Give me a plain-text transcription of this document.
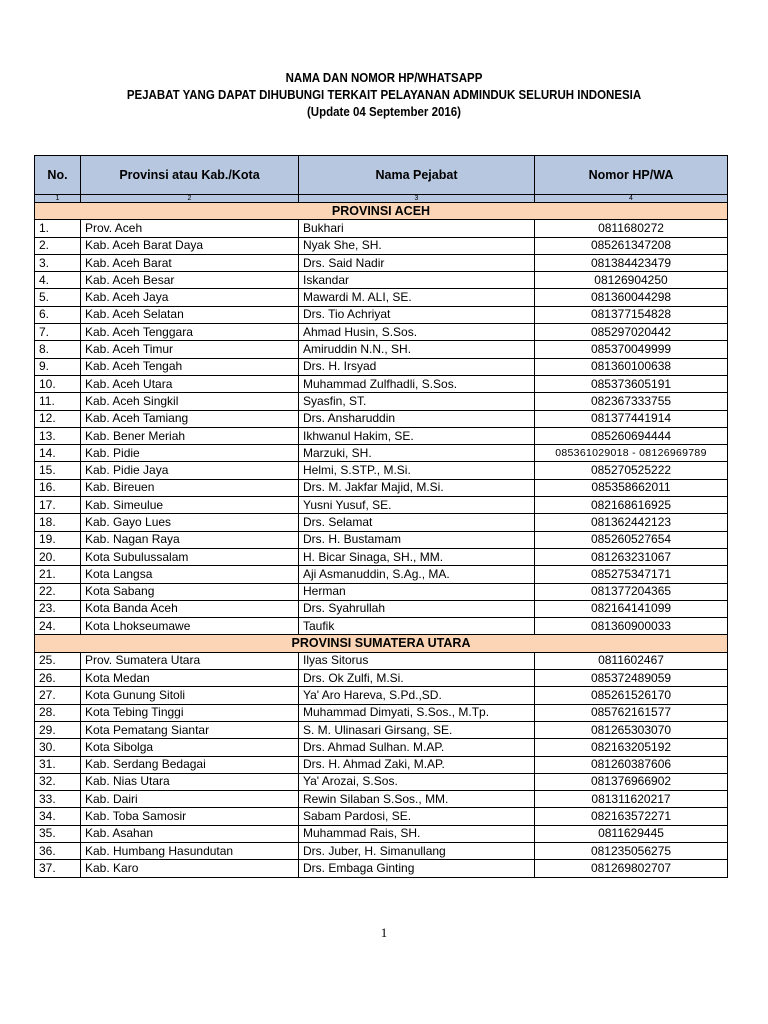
NAMA DAN NOMOR HP/WHATSAPP
PEJABAT YANG DAPAT DIHUBUNGI TERKAIT PELAYANAN ADMINDUK SELURUH INDONESIA
(Update 04 September 2016)
No.	Provinsi atau Kab./Kota	Nama Pejabat	Nomor HP/WA
1	2	3	4
PROVINSI ACEH			
1.	Prov. Aceh	Bukhari	0811680272
2.	Kab. Aceh Barat Daya	Nyak She, SH.	085261347208
3.	Kab. Aceh Barat	Drs. Said Nadir	081384423479
4.	Kab. Aceh Besar	Iskandar	08126904250
5.	Kab. Aceh Jaya	Mawardi M. ALI, SE.	081360044298
6.	Kab. Aceh Selatan	Drs. Tio Achriyat	081377154828
7.	Kab. Aceh Tenggara	Ahmad Husin, S.Sos.	085297020442
8.	Kab. Aceh Timur	Amiruddin N.N., SH.	085370049999
9.	Kab. Aceh Tengah	Drs. H. Irsyad	081360100638
10.	Kab. Aceh Utara	Muhammad Zulfhadli, S.Sos.	085373605191
11.	Kab. Aceh Singkil	Syasfin, ST.	082367333755
12.	Kab. Aceh Tamiang	Drs. Ansharuddin	081377441914
13.	Kab. Bener Meriah	Ikhwanul Hakim, SE.	085260694444
14.	Kab. Pidie	Marzuki, SH.	085361029018 - 08126969789
15.	Kab. Pidie Jaya	Helmi, S.STP., M.Si.	085270525222
16.	Kab. Bireuen	Drs. M. Jakfar Majid, M.Si.	085358662011
17.	Kab. Simeulue	Yusni Yusuf, SE.	082168616925
18.	Kab. Gayo Lues	Drs. Selamat	081362442123
19.	Kab. Nagan Raya	Drs. H. Bustamam	085260527654
20.	Kota Subulussalam	H. Bicar Sinaga, SH., MM.	081263231067
21.	Kota Langsa	Aji Asmanuddin, S.Ag., MA.	085275347171
22.	Kota Sabang	Herman	081377204365
23.	Kota Banda Aceh	Drs. Syahrullah	082164141099
24.	Kota Lhokseumawe	Taufik	081360900033
PROVINSI SUMATERA UTARA			
25.	Prov. Sumatera Utara	Ilyas Sitorus	0811602467
26.	Kota Medan	Drs. Ok Zulfi, M.Si.	085372489059
27.	Kota Gunung Sitoli	Ya' Aro Hareva, S.Pd.,SD.	085261526170
28.	Kota Tebing Tinggi	Muhammad Dimyati, S.Sos., M.Tp.	085762161577
29.	Kota Pematang Siantar	S. M. Ulinasari Girsang, SE.	081265303070
30.	Kota Sibolga	Drs. Ahmad Sulhan. M.AP.	082163205192
31.	Kab. Serdang Bedagai	Drs. H. Ahmad Zaki, M.AP.	081260387606
32.	Kab. Nias Utara	Ya' Arozai, S.Sos.	081376966902
33.	Kab. Dairi	Rewin Silaban S.Sos., MM.	081311620217
34.	Kab. Toba Samosir	Sabam Pardosi, SE.	082163572271
35.	Kab. Asahan	Muhammad Rais, SH.	0811629445
36.	Kab. Humbang Hasundutan	Drs. Juber, H. Simanullang	081235056275
37.	Kab. Karo	Drs. Embaga Ginting	081269802707
1
